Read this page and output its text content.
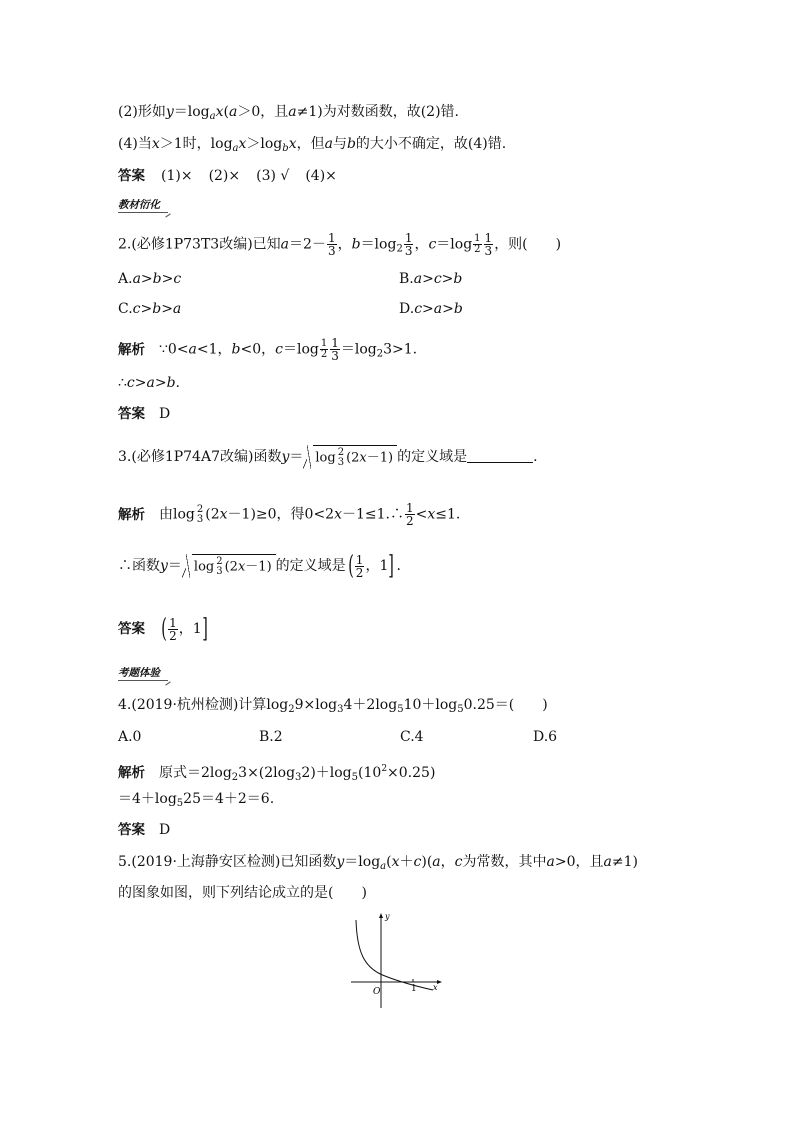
(2)形如$y=\log_ax(a>0$，且a≠1)为对数函数，故(2)错.
(4)当x＞1时，$\log_ax>\log_bx$，但a与b的大小不确定，故(4)错.
答案 (1)× (2)× (3) √ (4)×
教材衍化
2.(必修1P73T3改编)已知$a=2- \frac{1}{3}$ ，$b=\log_2 \frac{1}{3}$ ，$c=\log \frac{1}{2} \frac{1}{3}$ ，则(　　)
A.a>b>c	B.a>c>b
C.c>b>a	D.c>a>b
解析 ∵0<a<1，b<0，$c=\log \frac{1}{2} \frac{1}{3} =\log_23>1$.
∴c>a>b.
答案 D
3.(必修1P74A7改编)函数y＝ log 2
3 (2x－1) 的定义域是	.
解析 由log 2
3 (2x－1)≥0，得0<2x－1≤1.∴ $\frac{1}{2} <x\le 1$.
∴函数y＝ log 2
3 (2x－1) 的定义域是( $\frac{1}{2}$ ，1] .
答案 ( $\frac{1}{2}$ ，1]
考题体验
4.(2019·杭州检测)计算$\log_29\times\log_34+2\log_510+\log_50.25=$(　　)
A.0	B.2	C.4	D.6
解析 原式$=2\log_23\times(2\log_32)+\log_5(10^2\times 0.25)$
$=4+\log_525=4+2=6$.
答案 D
5.(2019·上海静安区检测)已知函数$y=\log_a(x+c)(a$，c为常数，其中a>0，且a≠1)
的图象如图，则下列结论成立的是(　　)
y
x
O	1
